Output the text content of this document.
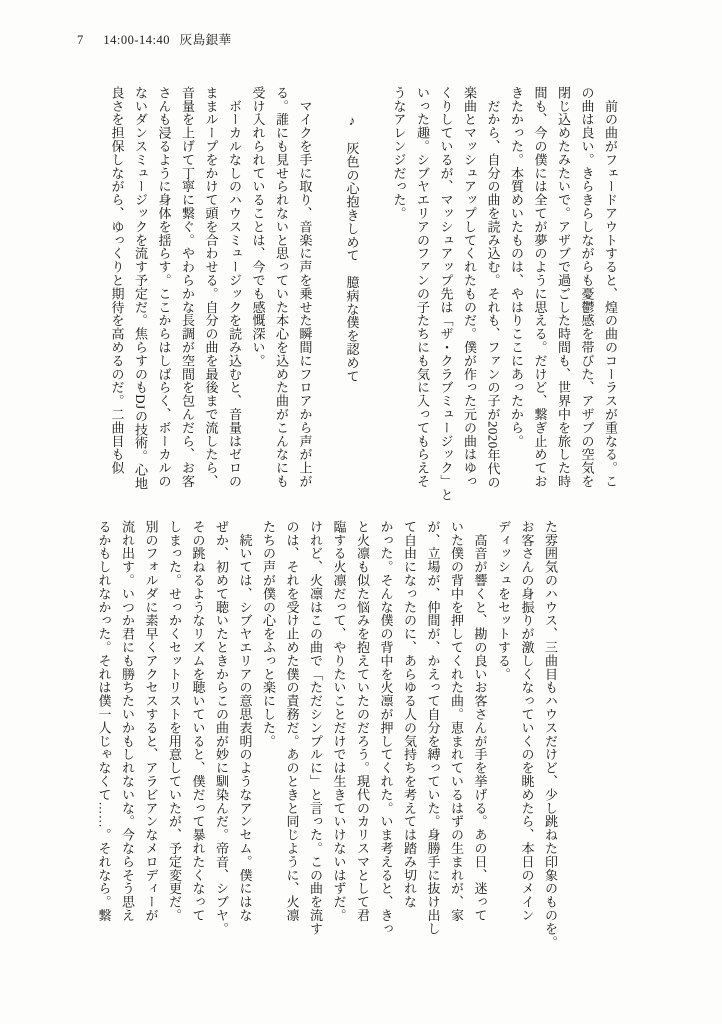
7 14:00-14:40 灰島銀華
　前の曲がフェードアウトすると、煌の曲のコーラスが重なる。こ
の曲は良い。きらきらしながらも憂鬱感を帯びた、アザブの空気を
閉じ込めたみたいで。アザブで過ごした時間も、世界中を旅した時
間も、今の僕には全てが夢のように思える。だけど、繋ぎ止めてお
きたかった。本質めいたものは、やはりここにあったから。
　だから、自分の曲を読み込む。それも、ファンの子が2020年代の
楽曲とマッシュアップしてくれたものだ。僕が作った元の曲はゆっ
くりしているが、マッシュアップ先は「ザ・クラブミュージック」と
いった趣。シブヤエリアのファンの子たちにも気に入ってもらえそ
うなアレンジだった。

　　♪　灰色の心抱きしめて　臆病な僕を認めて

　マイクを手に取り、音楽に声を乗せた瞬間にフロアから声が上が
る。誰にも見せられないと思っていた本心を込めた曲がこんなにも
受け入れられていることは、今でも感慨深い。
　ボーカルなしのハウスミュージックを読み込むと、音量はゼロの
ままループをかけて頭を合わせる。自分の曲を最後まで流したら、
音量を上げて丁寧に繋ぐ。やわらかな長調が空間を包んだら、お客
さんも浸るように身体を揺らす。ここからはしばらく、ボーカルの
ないダンスミュージックを流す予定だ。焦らすのもDJの技術。心地
良さを担保しながら、ゆっくりと期待を高めるのだ。二曲目も似
た雰囲気のハウス、三曲目もハウスだけど、少し跳ねた印象のものを。
お客さんの身振りが激しくなっていくのを眺めたら、本日のメイン
ディッシュをセットする。
　高音が響くと、勘の良いお客さんが手を挙げる。あの日、迷って
いた僕の背中を押してくれた曲。恵まれているはずの生まれが、家
が、立場が、仲間が、かえって自分を縛っていた。身勝手に抜け出し
て自由になったのに、あらゆる人の気持ちを考えては踏み切れな
かった。そんな僕の背中を火凛が押してくれた。いま考えると、きっ
と火凛も似た悩みを抱えていたのだろう。現代のカリスマとして君
臨する火凛だって、やりたいことだけでは生きていけないはずだ。
けれど、火凛はこの曲で「ただシンプルに」と言った。この曲を流す
のは、それを受け止めた僕の責務だ。あのときと同じように、火凛
たちの声が僕の心をふっと楽にした。
　続いては、シブヤエリアの意思表明のようなアンセム。僕にはな
ぜか、初めて聴いたときからこの曲が妙に馴染んだ。帝音、シブヤ。
その跳ねるようなリズムを聴いていると、僕だって暴れたくなって
しまった。せっかくセットリストを用意していたが、予定変更だ。
別のフォルダに素早くアクセスすると、アラビアンなメロディーが
流れ出す。いつか君にも勝ちたいかもしれないな。今ならそう思え
るかもしれなかった。それは僕一人じゃなくて……。それなら。繋
